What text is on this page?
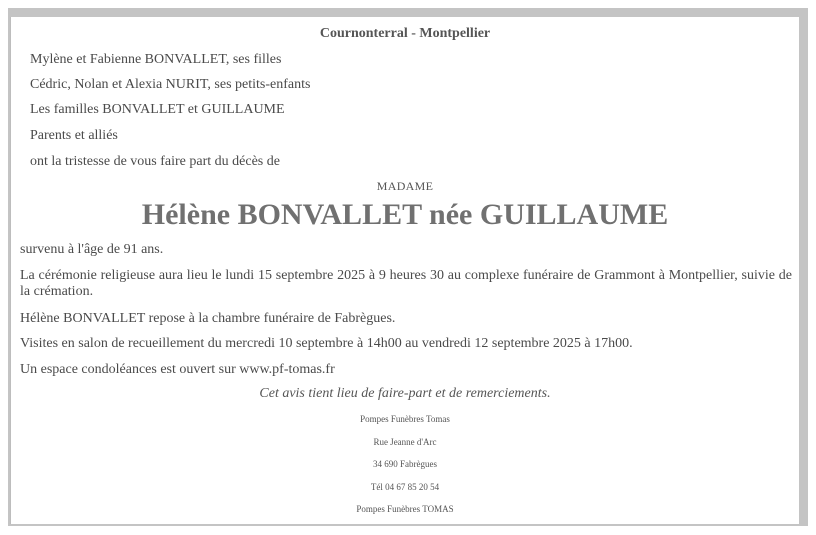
Cournonterral - Montpellier
Mylène et Fabienne BONVALLET, ses filles
Cédric, Nolan et Alexia NURIT, ses petits-enfants
Les familles BONVALLET et GUILLAUME
Parents et alliés
ont la tristesse de vous faire part du décès de
MADAME
Hélène BONVALLET née GUILLAUME
survenu à l'âge de 91 ans.
La cérémonie religieuse aura lieu le lundi 15 septembre 2025 à 9 heures 30 au complexe funéraire de Grammont à Montpellier, suivie de la crémation.
Hélène BONVALLET repose à la chambre funéraire de Fabrègues.
Visites en salon de recueillement du mercredi 10 septembre à 14h00 au vendredi 12 septembre 2025 à 17h00.
Un espace condoléances est ouvert sur www.pf-tomas.fr
Cet avis tient lieu de faire-part et de remerciements.
Pompes Funèbres Tomas
Rue Jeanne d'Arc
34 690 Fabrègues
Tél 04 67 85 20 54
Pompes Funèbres TOMAS
